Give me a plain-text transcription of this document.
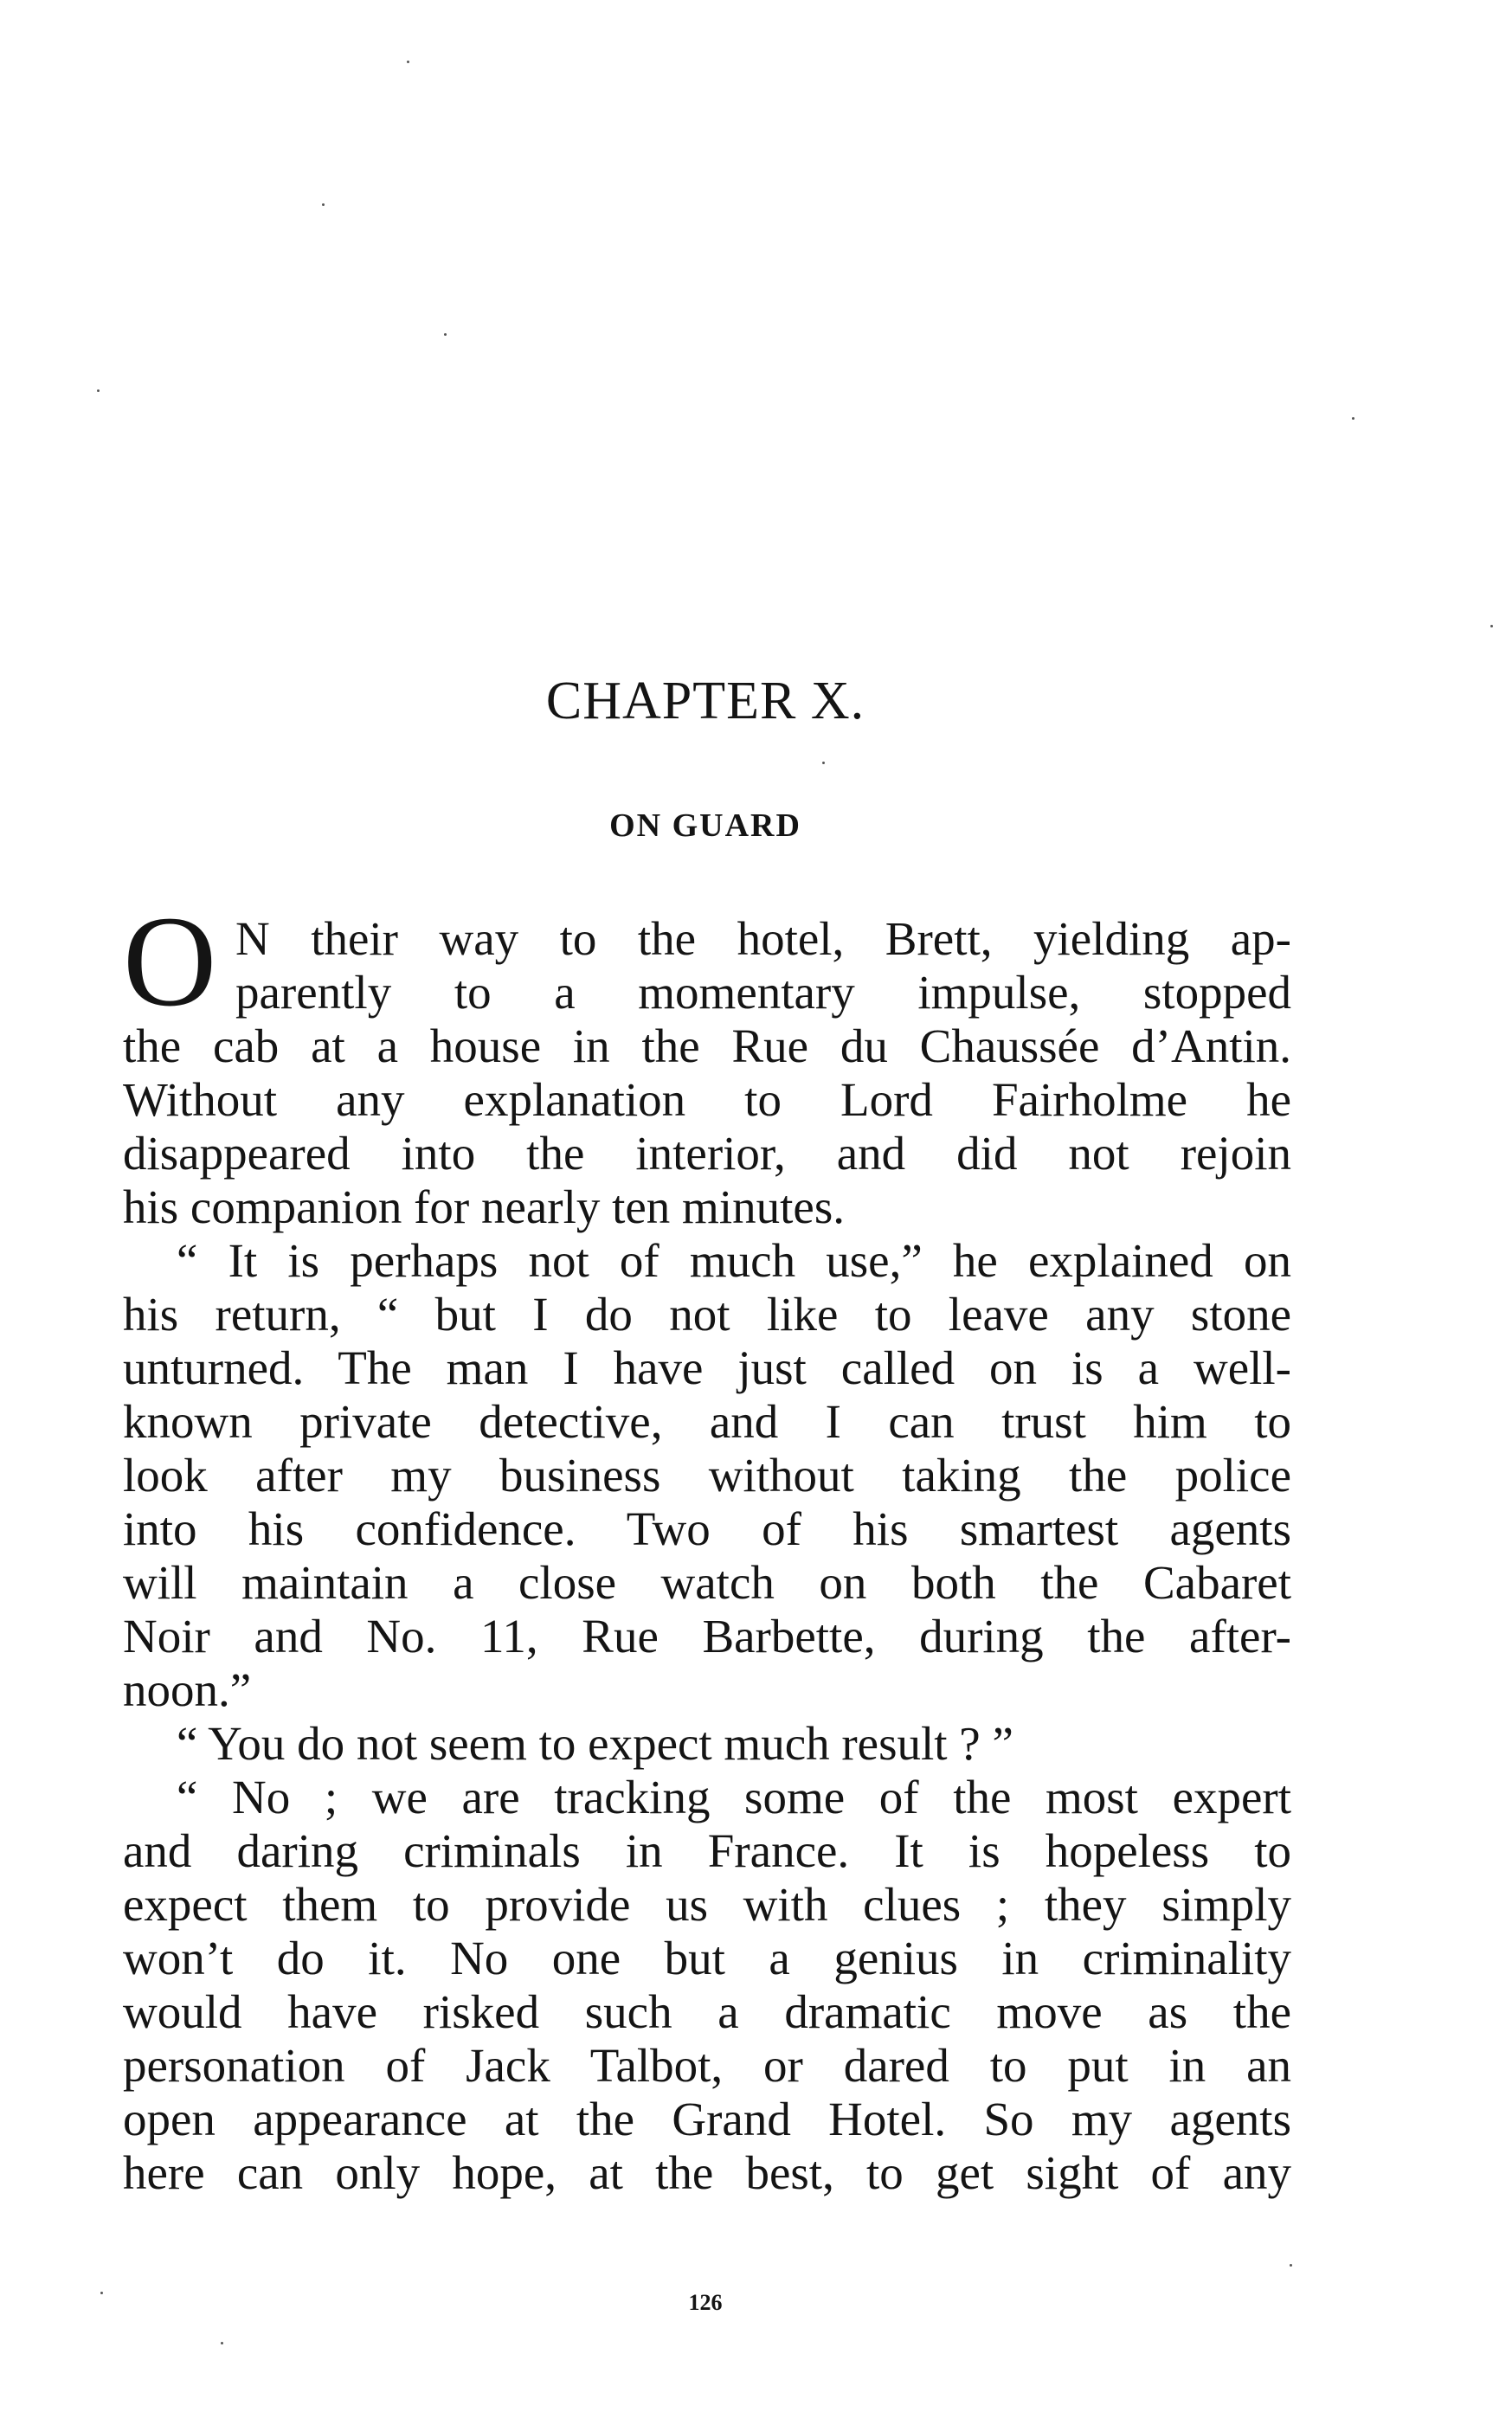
CHAPTER X.
ON GUARD
O N their way to the hotel, Brett, yielding ap-
parently to a momentary impulse, stopped
the cab at a house in the Rue du Chaussée d’Antin.
Without any explanation to Lord Fairholme he
disappeared into the interior, and did not rejoin
his companion for nearly ten minutes.
“ It is perhaps not of much use,” he explained on
his return, “ but I do not like to leave any stone
unturned. The man I have just called on is a well-
known private detective, and I can trust him to
look after my business without taking the police
into his confidence. Two of his smartest agents
will maintain a close watch on both the Cabaret
Noir and No. 11, Rue Barbette, during the after-
noon.”
“ You do not seem to expect much result ? ”
“ No ; we are tracking some of the most expert
and daring criminals in France. It is hopeless to
expect them to provide us with clues ; they simply
won’t do it. No one but a genius in criminality
would have risked such a dramatic move as the
personation of Jack Talbot, or dared to put in an
open appearance at the Grand Hotel. So my agents
here can only hope, at the best, to get sight of any
126
